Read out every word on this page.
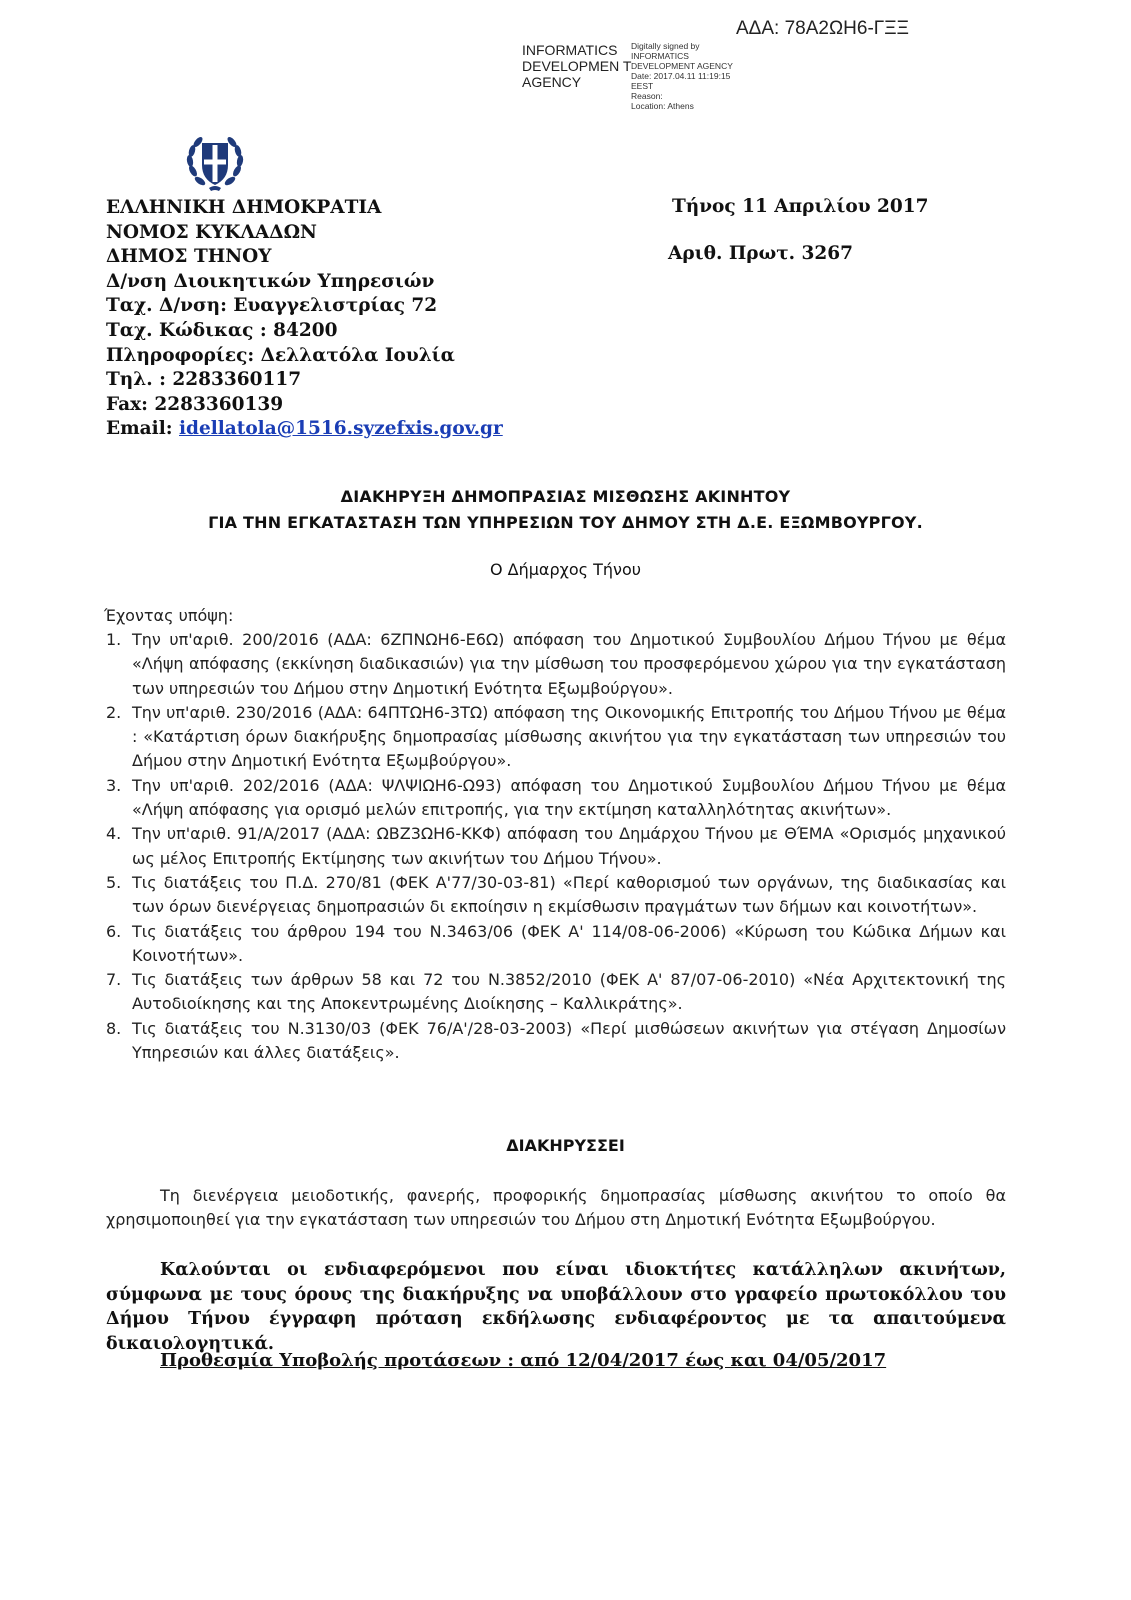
ΑΔΑ: 78Α2ΩΗ6-ΓΞΞ
INFORMATICS DEVELOPMEN T AGENCY
Digitally signed by
INFORMATICS
DEVELOPMENT AGENCY
Date: 2017.04.11 11:19:15
EEST
Reason:
Location: Athens
ΕΛΛΗΝΙΚΗ ΔΗΜΟΚΡΑΤΙΑ
ΝΟΜΟΣ ΚΥΚΛΑΔΩΝ
ΔΗΜΟΣ ΤΗΝΟΥ
Δ/νση Διοικητικών Υπηρεσιών
Ταχ. Δ/νση: Ευαγγελιστρίας 72
Ταχ. Κώδικας : 84200
Πληροφορίες: Δελλατόλα Ιουλία
Τηλ. : 2283360117
Fax: 2283360139
Email: idellatola@1516.syzefxis.gov.gr
Τήνος 11 Απριλίου 2017
Αριθ. Πρωτ. 3267
ΔΙΑΚΗΡΥΞΗ ΔΗΜΟΠΡΑΣΙΑΣ ΜΙΣΘΩΣΗΣ ΑΚΙΝΗΤΟΥ
ΓΙΑ ΤΗΝ ΕΓΚΑΤΑΣΤΑΣΗ ΤΩΝ ΥΠΗΡΕΣΙΩΝ ΤΟΥ ΔΗΜΟΥ ΣΤΗ Δ.Ε. ΕΞΩΜΒΟΥΡΓΟΥ.
Ο Δήμαρχος Τήνου
Έχοντας υπόψη:
1. Την υπ'αριθ. 200/2016 (ΑΔΑ: 6ΖΠΝΩΗ6-Ε6Ω) απόφαση του Δημοτικού Συμβουλίου Δήμου Τήνου με θέμα «Λήψη απόφασης (εκκίνηση διαδικασιών) για την μίσθωση του προσφερόμενου χώρου για την εγκατάσταση των υπηρεσιών του Δήμου στην Δημοτική Ενότητα Εξωμβούργου».
2. Την υπ'αριθ. 230/2016 (ΑΔΑ: 64ΠΤΩΗ6-3ΤΩ) απόφαση της Οικονομικής Επιτροπής του Δήμου Τήνου με θέμα : «Κατάρτιση όρων διακήρυξης δημοπρασίας μίσθωσης ακινήτου για την εγκατάσταση των υπηρεσιών του Δήμου στην Δημοτική Ενότητα Εξωμβούργου».
3. Την υπ'αριθ. 202/2016 (ΑΔΑ: ΨΛΨΙΩΗ6-Ω93) απόφαση του Δημοτικού Συμβουλίου Δήμου Τήνου με θέμα «Λήψη απόφασης για ορισμό μελών επιτροπής, για την εκτίμηση καταλληλότητας ακινήτων».
4. Την υπ'αριθ. 91/Α/2017 (ΑΔΑ: ΩΒΖ3ΩΗ6-ΚΚΦ) απόφαση του Δημάρχου Τήνου με ΘΈΜΑ «Ορισμός μηχανικού ως μέλος Επιτροπής Εκτίμησης των ακινήτων του Δήμου Τήνου».
5. Τις διατάξεις του Π.Δ. 270/81 (ΦΕΚ Α'77/30-03-81) «Περί καθορισμού των οργάνων, της διαδικασίας και των όρων διενέργειας δημοπρασιών δι εκποίησιν η εκμίσθωσιν πραγμάτων των δήμων και κοινοτήτων».
6. Τις διατάξεις του άρθρου 194 του Ν.3463/06 (ΦΕΚ Α' 114/08-06-2006) «Κύρωση του Κώδικα Δήμων και Κοινοτήτων».
7. Τις διατάξεις των άρθρων 58 και 72 του Ν.3852/2010 (ΦΕΚ Α' 87/07-06-2010) «Νέα Αρχιτεκτονική της Αυτοδιοίκησης και της Αποκεντρωμένης Διοίκησης – Καλλικράτης».
8. Τις διατάξεις του Ν.3130/03 (ΦΕΚ 76/Α'/28-03-2003) «Περί μισθώσεων ακινήτων για στέγαση Δημοσίων Υπηρεσιών και άλλες διατάξεις».
ΔΙΑΚΗΡΥΣΣΕΙ
Τη διενέργεια μειοδοτικής, φανερής, προφορικής δημοπρασίας μίσθωσης ακινήτου το οποίο θα χρησιμοποιηθεί για την εγκατάσταση των υπηρεσιών του Δήμου στη Δημοτική Ενότητα Εξωμβούργου.
Καλούνται οι ενδιαφερόμενοι που είναι ιδιοκτήτες κατάλληλων ακινήτων, σύμφωνα με τους όρους της διακήρυξης να υποβάλλουν στο γραφείο πρωτοκόλλου του Δήμου Τήνου έγγραφη πρόταση εκδήλωσης ενδιαφέροντος με τα απαιτούμενα δικαιολογητικά.
Προθεσμία Υποβολής προτάσεων : από 12/04/2017 έως και 04/05/2017
